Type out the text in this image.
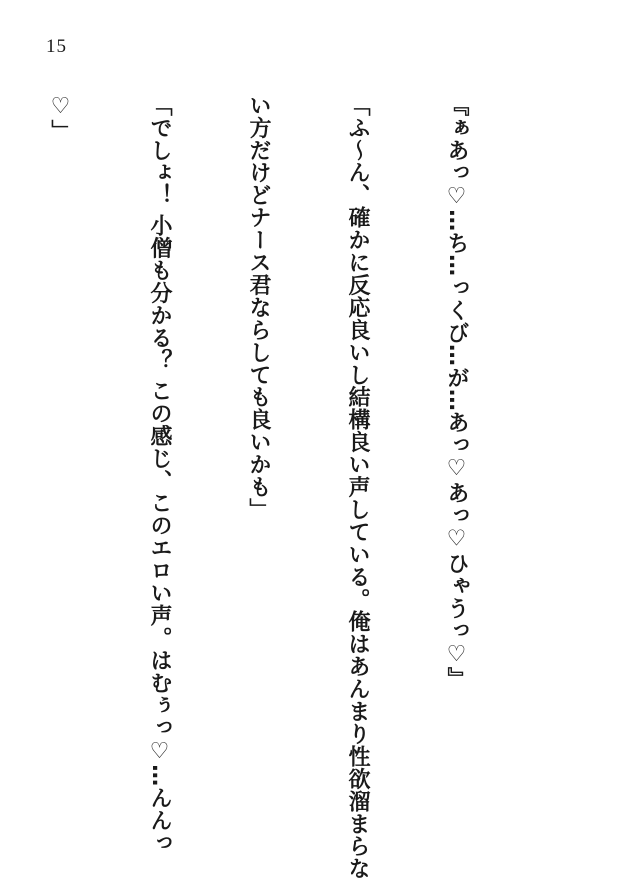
15

『ぁあっ♡…ち…っくび…が…あっ♡あっ♡ひゃうっ♡』

「ふ～ん、確かに反応良いし結構良い声している。俺はあんまり性欲溜まらな

い方だけどナース君ならしても良いかも」

「でしょ！ 小僧も分かる？ この感じ、このエロい声。はむぅっ♡…んんっ

♡」
